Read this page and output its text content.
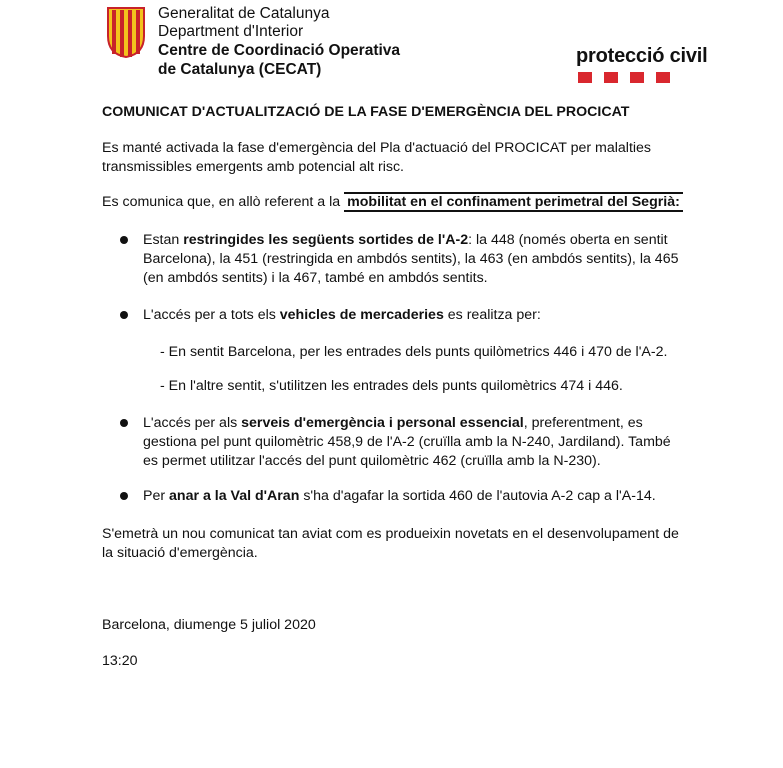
Generalitat de Catalunya
Department d'Interior
Centre de Coordinació Operativa
de Catalunya (CECAT)
protecció civil
COMUNICAT D'ACTUALITZACIÓ DE LA FASE D'EMERGÈNCIA DEL PROCICAT
Es manté activada la fase d'emergència del Pla d'actuació del PROCICAT per malalties
transmissibles emergents amb potencial alt risc.
Es comunica que, en allò referent a la mobilitat en el confinament perimetral del Segrià:
Estan restringides les següents sortides de l'A-2: la 448 (només oberta en sentit
Barcelona), la 451 (restringida en ambdós sentits), la 463 (en ambdós sentits), la 465
(en ambdós sentits) i la 467, també en ambdós sentits.
L'accés per a tots els vehicles de mercaderies es realitza per:
- En sentit Barcelona, per les entrades dels punts quilòmetrics 446 i 470 de l'A-2.
- En l'altre sentit, s'utilitzen les entrades dels punts quilomètrics 474 i 446.
L'accés per als serveis d'emergència i personal essencial, preferentment, es
gestiona pel punt quilomètric 458,9 de l'A-2 (cruïlla amb la N-240, Jardiland). També
es permet utilitzar l'accés del punt quilomètric 462 (cruïlla amb la N-230).
Per anar a la Val d'Aran s'ha d'agafar la sortida 460 de l'autovia A-2 cap a l'A-14.
S'emetrà un nou comunicat tan aviat com es produeixin novetats en el desenvolupament de
la situació d'emergència.
Barcelona, diumenge 5 juliol 2020
13:20
